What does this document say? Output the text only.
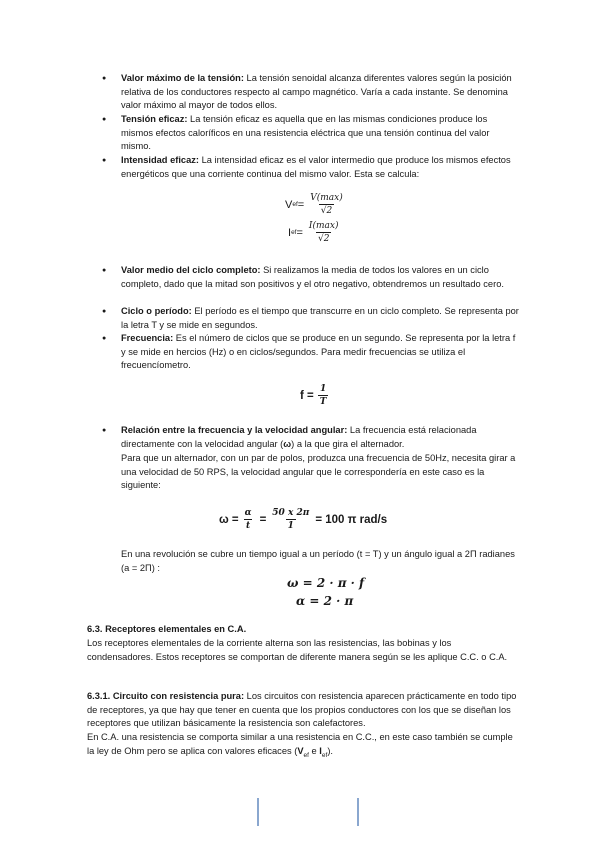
● Valor máximo de la tensión: La tensión senoidal alcanza diferentes valores según la posición relativa de los conductores respecto al campo magnético. Varía a cada instante. Se denomina valor máximo al mayor de todos ellos.
● Tensión eficaz: La tensión eficaz es aquella que en las mismas condiciones produce los mismos efectos caloríficos en una resistencia eléctrica que una tensión continua del valor mismo.
● Intensidad eficaz: La intensidad eficaz es el valor intermedio que produce los mismos efectos energéticos que una corriente continua del mismo valor. Esta se calcula:
V ef = $\frac{V(\max)}{√2}$
I ef = $\frac{I(\max)}{√2}$
● Valor medio del ciclo completo: Si realizamos la media de todos los valores en un ciclo completo, dado que la mitad son positivos y el otro negativo, obtendremos un resultado cero.
● Ciclo o período: El período es el tiempo que transcurre en un ciclo completo. Se representa por la letra T y se mide en segundos.
● Frecuencia: Es el número de ciclos que se produce en un segundo. Se representa por la letra f y se mide en hercios (Hz) o en ciclos/segundos. Para medir frecuencias se utiliza el frecuencíometro.
$f = \frac{1}{T}$
● Relación entre la frecuencia y la velocidad angular: La frecuencia está relacionada directamente con la velocidad angular (ω) a la que gira el alternador.
Para que un alternador, con un par de polos, produzca una frecuencia de 50Hz, necesita girar a una velocidad de 50 RPS, la velocidad angular que le correspondería en este caso es la siguiente:
$\omega = \frac{\alpha}{t} = \frac{50 x 2\pi}{1} = 100$ π rad/s
En una revolución se cubre un tiempo igual a un período (t = T) y un ángulo igual a 2Π radianes (a = 2Π) :
ω = 2 · π · f
α = 2 · π
6.3. Receptores elementales en C.A.
Los receptores elementales de la corriente alterna son las resistencias, las bobinas y los condensadores. Estos receptores se comportan de diferente manera según se les aplique C.C. o C.A.
6.3.1. Circuito con resistencia pura: Los circuitos con resistencia aparecen prácticamente en todo tipo de receptores, ya que hay que tener en cuenta que los propios conductores con los que se diseñan los receptores que utilizan básicamente la resistencia son calefactores.
En C.A. una resistencia se comporta similar a una resistencia en C.C., en este caso también se cumple la ley de Ohm pero se aplica con valores eficaces ($V_{ef}$ e $I_{ef}$).
